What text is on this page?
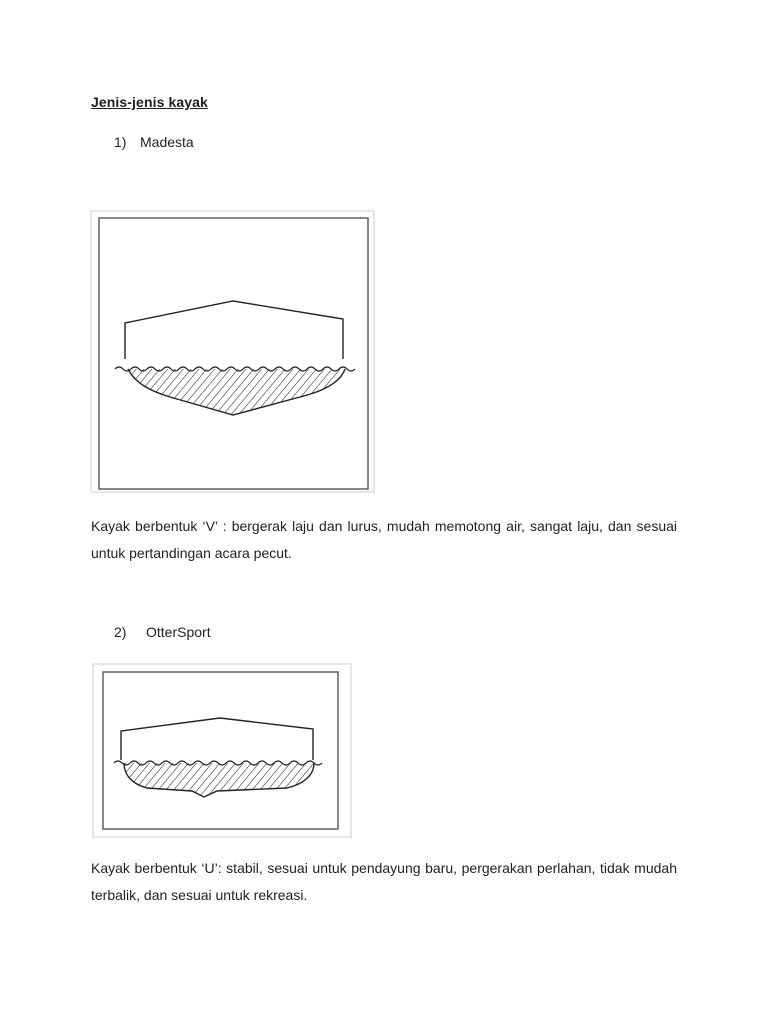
Jenis-jenis kayak
1) Madesta
Kayak berbentuk ‘V’ : bergerak laju dan lurus, mudah memotong air, sangat laju, dan sesuai untuk pertandingan acara pecut.
2)	OtterSport
Kayak berbentuk ‘U’: stabil, sesuai untuk pendayung baru, pergerakan perlahan, tidak mudah terbalik, dan sesuai untuk rekreasi.
